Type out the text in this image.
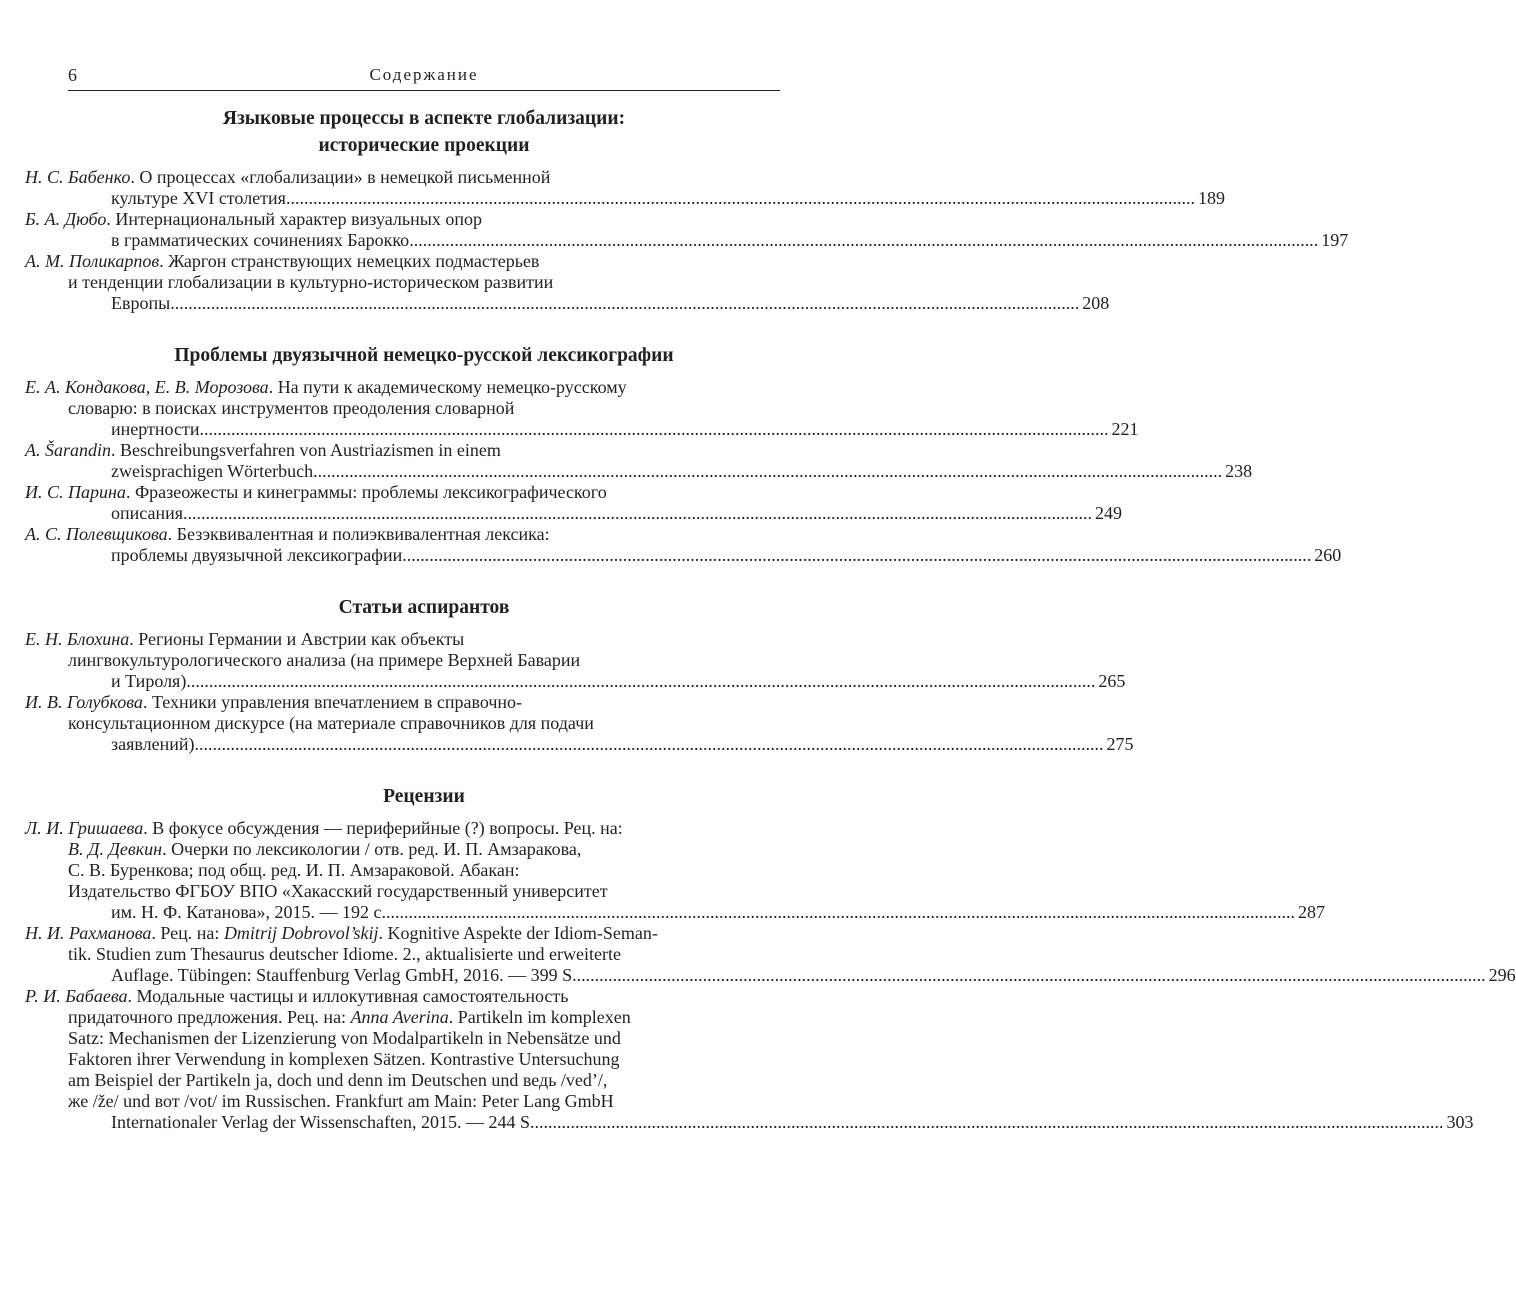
6	Содержание
Языковые процессы в аспекте глобализации:
исторические проекции
Н. С. Бабенко. О процессах «глобализации» в немецкой письменной
культуре XVI столетия .......................................................................................................................................................................................................... 189
Б. А. Дюбо. Интернациональный характер визуальных опор
в грамматических сочинениях Барокко .......................................................................................................................................................................................................... 197
А. М. Поликарпов. Жаргон странствующих немецких подмастерьев
и тенденции глобализации в культурно-историческом развитии
Европы .......................................................................................................................................................................................................... 208
Проблемы двуязычной немецко-русской лексикографии
Е. А. Кондакова, Е. В. Морозова. На пути к академическому немецко-русскому
словарю: в поисках инструментов преодоления словарной
инертности .......................................................................................................................................................................................................... 221
A. Šarandin. Beschreibungsverfahren von Austriazismen in einem
zweisprachigen Wörterbuch .......................................................................................................................................................................................................... 238
И. С. Парина. Фразеожесты и кинеграммы: проблемы лексикографического
описания .......................................................................................................................................................................................................... 249
А. С. Полевщикова. Безэквивалентная и полиэквивалентная лексика:
проблемы двуязычной лексикографии .......................................................................................................................................................................................................... 260
Статьи аспирантов
Е. Н. Блохина. Регионы Германии и Австрии как объекты
лингвокультурологического анализа (на примере Верхней Баварии
и Тироля) .......................................................................................................................................................................................................... 265
И. В. Голубкова. Техники управления впечатлением в справочно-
консультационном дискурсе (на материале справочников для подачи
заявлений) .......................................................................................................................................................................................................... 275
Рецензии
Л. И. Гришаева. В фокусе обсуждения — периферийные (?) вопросы. Рец. на:
В. Д. Девкин. Очерки по лексикологии / отв. ред. И. П. Амзаракова,
С. В. Буренкова; под общ. ред. И. П. Амзараковой. Абакан:
Издательство ФГБОУ ВПО «Хакасский государственный университет
им. Н. Ф. Катанова», 2015. — 192 с. .......................................................................................................................................................................................................... 287
Н. И. Рахманова. Рец. на: Dmitrij Dobrovol’skij. Kognitive Aspekte der Idiom-Seman-
tik. Studien zum Thesaurus deutscher Idiome. 2., aktualisierte und erweiterte
Auflage. Tübingen: Stauffenburg Verlag GmbH, 2016. — 399 S. .......................................................................................................................................................................................................... 296
Р. И. Бабаева. Модальные частицы и иллокутивная самостоятельность
придаточного предложения. Рец. на: Anna Averina. Partikeln im komplexen
Satz: Mechanismen der Lizenzierung von Modalpartikeln in Nebensätze und
Faktoren ihrer Verwendung in komplexen Sätzen. Kontrastive Untersuchung
am Beispiel der Partikeln ja, doch und denn im Deutschen und ведь /ved’/,
же /že/ und вот /vot/ im Russischen. Frankfurt am Main: Peter Lang GmbH
Internationaler Verlag der Wissenschaften, 2015. — 244 S. .......................................................................................................................................................................................................... 303
